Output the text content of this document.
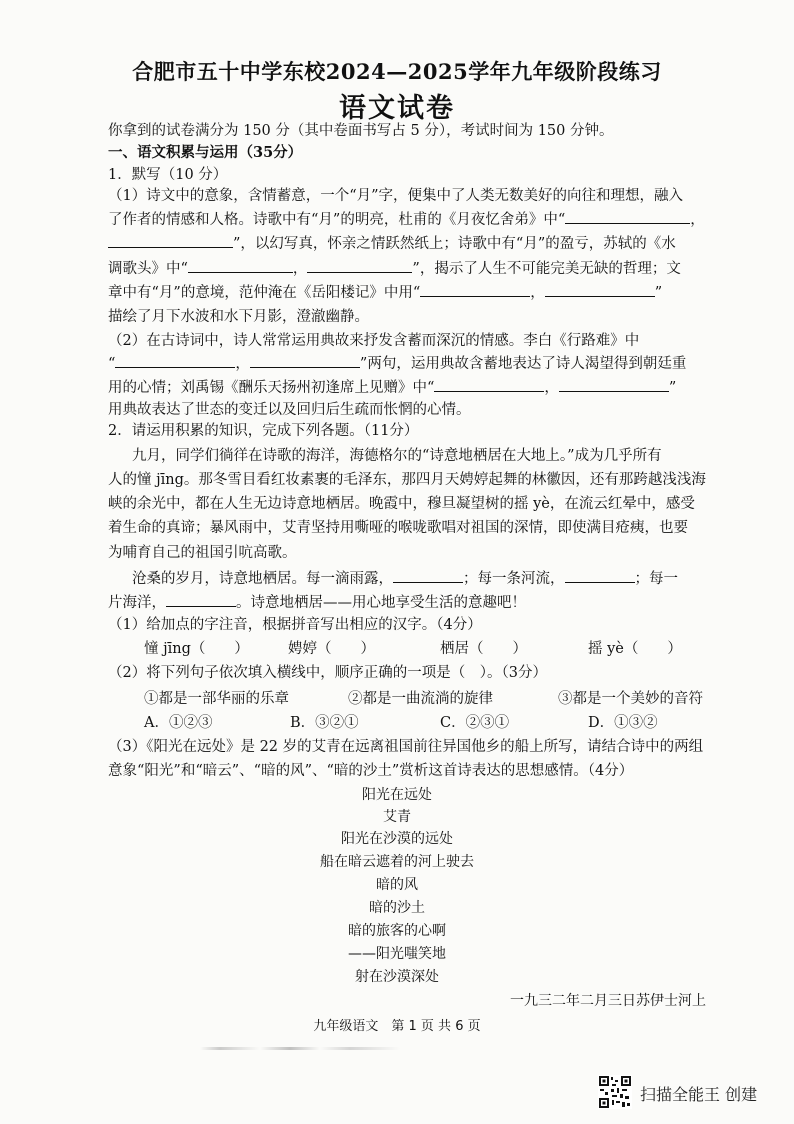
合肥市五十中学东校2024—2025学年九年级阶段练习
语文试卷
你拿到的试卷满分为 150 分（其中卷面书写占 5 分），考试时间为 150 分钟。
一、语文积累与运用（35分）
1．默写（10 分）
（1）诗文中的意象，含情蓄意，一个“月”字，便集中了人类无数美好的向往和理想，融入
了作者的情感和人格。诗歌中有“月”的明亮，杜甫的《月夜忆舍弟》中“	，
”，以幻写真，怀亲之情跃然纸上；诗歌中有“月”的盈亏，苏轼的《水
调歌头》中“	，	”，揭示了人生不可能完美无缺的哲理；文
章中有“月”的意境，范仲淹在《岳阳楼记》中用“	，	”
描绘了月下水波和水下月影，澄澈幽静。
（2）在古诗词中，诗人常常运用典故来抒发含蓄而深沉的情感。李白《行路难》中
“	，	”两句，运用典故含蓄地表达了诗人渴望得到朝廷重
用的心情；刘禹锡《酬乐天扬州初逢席上见赠》中“	，	”
用典故表达了世态的变迁以及回归后生疏而怅惘的心情。
2．请运用积累的知识，完成下列各题。（11分）
九月，同学们徜徉在诗歌的海洋，海德格尔的“诗意地栖居在大地上。”成为几乎所有
人的憧 jīng。那冬雪目看红妆素裹的毛泽东，那四月天娉婷起舞的林徽因，还有那跨越浅浅海
峡的余光中，都在人生无边诗意地栖居。晚霞中，穆旦凝望树的摇 yè，在流云红晕中，感受
着生命的真谛；暴风雨中，艾青坚持用嘶哑的喉咙歌唱对祖国的深情，即使满目疮痍，也要
为哺育自己的祖国引吭高歌。
沧桑的岁月，诗意地栖居。每一滴雨露，	；每一条河流，	；每一
片海洋，	。诗意地栖居——用心地享受生活的意趣吧！
（1）给加点的字注音，根据拼音写出相应的汉字。（4分）
憧 jīng（　　）	娉婷（　　）	栖居（　　）	摇 yè（　　）
（2）将下列句子依次填入横线中，顺序正确的一项是（　）。（3分）
①都是一部华丽的乐章	②都是一曲流淌的旋律	③都是一个美妙的音符
A．①②③	B．③②①	C．②③①	D．①③②
（3）《阳光在远处》是 22 岁的艾青在远离祖国前往异国他乡的船上所写，请结合诗中的两组
意象“阳光”和“暗云”、“暗的风”、“暗的沙土”赏析这首诗表达的思想感情。（4分）
阳光在远处
艾青
阳光在沙漠的远处
船在暗云遮着的河上驶去
暗的风
暗的沙土
暗的旅客的心啊
——阳光嗤笑地
射在沙漠深处
一九三二年二月三日苏伊士河上
九年级语文　第 1 页 共 6 页
扫描全能王 创建
